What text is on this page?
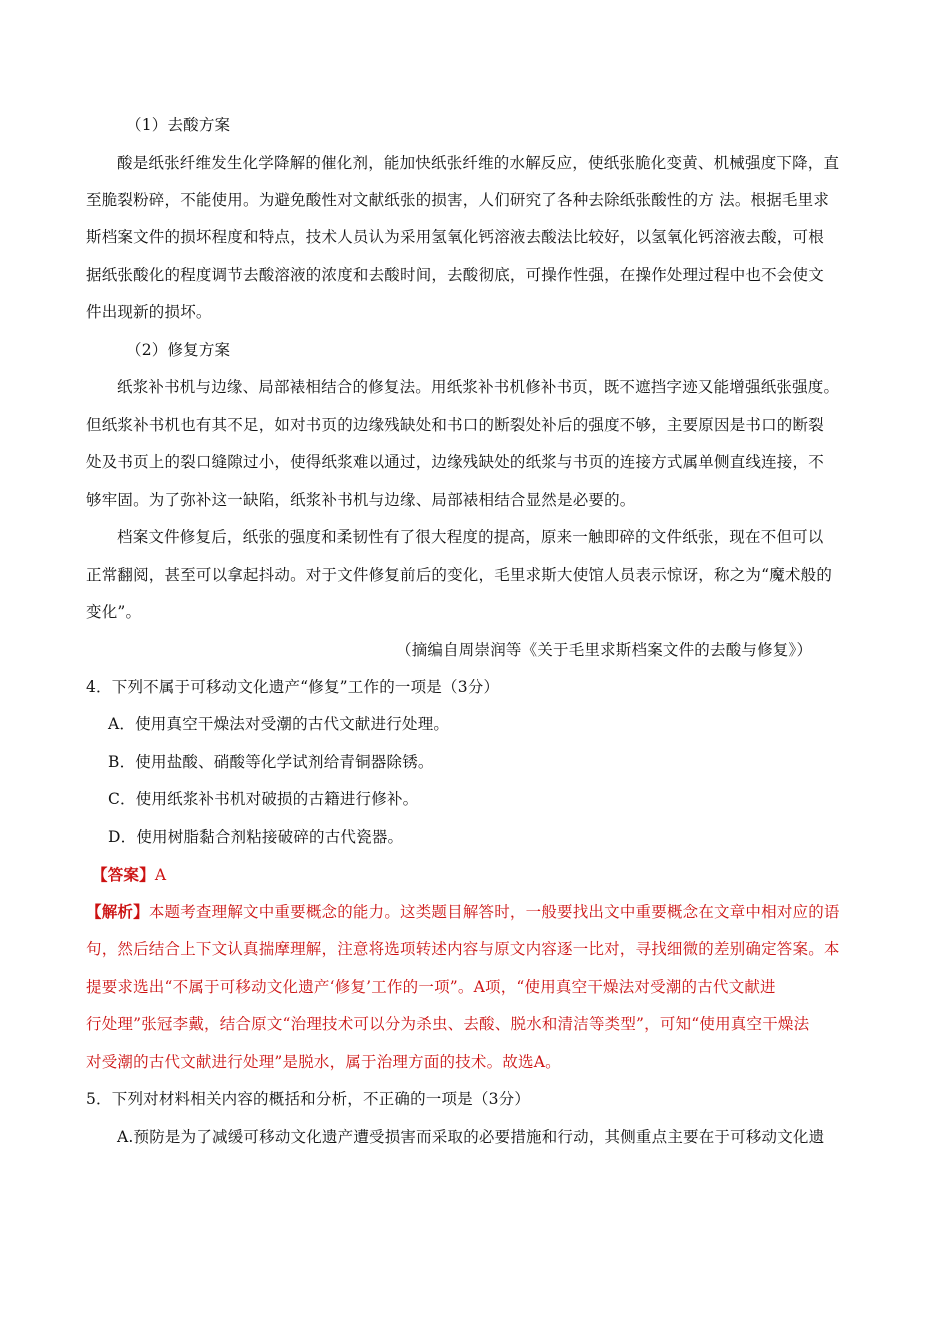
（1）去酸方案
酸是纸张纤维发生化学降解的催化剂，能加快纸张纤维的水解反应，使纸张脆化变黄、机械强度下降，直
至脆裂粉碎，不能使用。为避免酸性对文献纸张的损害，人们研究了各种去除纸张酸性的方 法。根据毛里求
斯档案文件的损坏程度和特点，技术人员认为采用氢氧化钙溶液去酸法比较好，以氢氧化钙溶液去酸，可根
据纸张酸化的程度调节去酸溶液的浓度和去酸时间，去酸彻底，可操作性强，在操作处理过程中也不会使文
件出现新的损坏。
（2）修复方案
纸浆补书机与边缘、局部裱相结合的修复法。用纸浆补书机修补书页，既不遮挡字迹又能增强纸张强度。
但纸浆补书机也有其不足，如对书页的边缘残缺处和书口的断裂处补后的强度不够，主要原因是书口的断裂
处及书页上的裂口缝隙过小，使得纸浆难以通过，边缘残缺处的纸浆与书页的连接方式属单侧直线连接，不
够牢固。为了弥补这一缺陷，纸浆补书机与边缘、局部裱相结合显然是必要的。
档案文件修复后，纸张的强度和柔韧性有了很大程度的提高，原来一触即碎的文件纸张，现在不但可以
正常翻阅，甚至可以拿起抖动。对于文件修复前后的变化，毛里求斯大使馆人员表示惊讶，称之为“魔术般的
变化”。
（摘编自周崇润等《关于毛里求斯档案文件的去酸与修复》）
4．下列不属于可移动文化遗产“修复”工作的一项是（3分）
A．使用真空干燥法对受潮的古代文献进行处理。
B．使用盐酸、硝酸等化学试剂给青铜器除锈。
C．使用纸浆补书机对破损的古籍进行修补。
D．使用树脂黏合剂粘接破碎的古代瓷器。
【答案】A
【解析】本题考查理解文中重要概念的能力。这类题目解答时，一般要找出文中重要概念在文章中相对应的语
句，然后结合上下文认真揣摩理解，注意将选项转述内容与原文内容逐一比对，寻找细微的差别确定答案。本
提要求选出“不属于可移动文化遗产‘修复’工作的一项”。A项，“使用真空干燥法对受潮的古代文献进
行处理”张冠李戴，结合原文“治理技术可以分为杀虫、去酸、脱水和清洁等类型”，可知“使用真空干燥法
对受潮的古代文献进行处理”是脱水，属于治理方面的技术。故选A。
5．下列对材料相关内容的概括和分析，不正确的一项是（3分）
A.预防是为了减缓可移动文化遗产遭受损害而采取的必要措施和行动，其侧重点主要在于可移动文化遗
